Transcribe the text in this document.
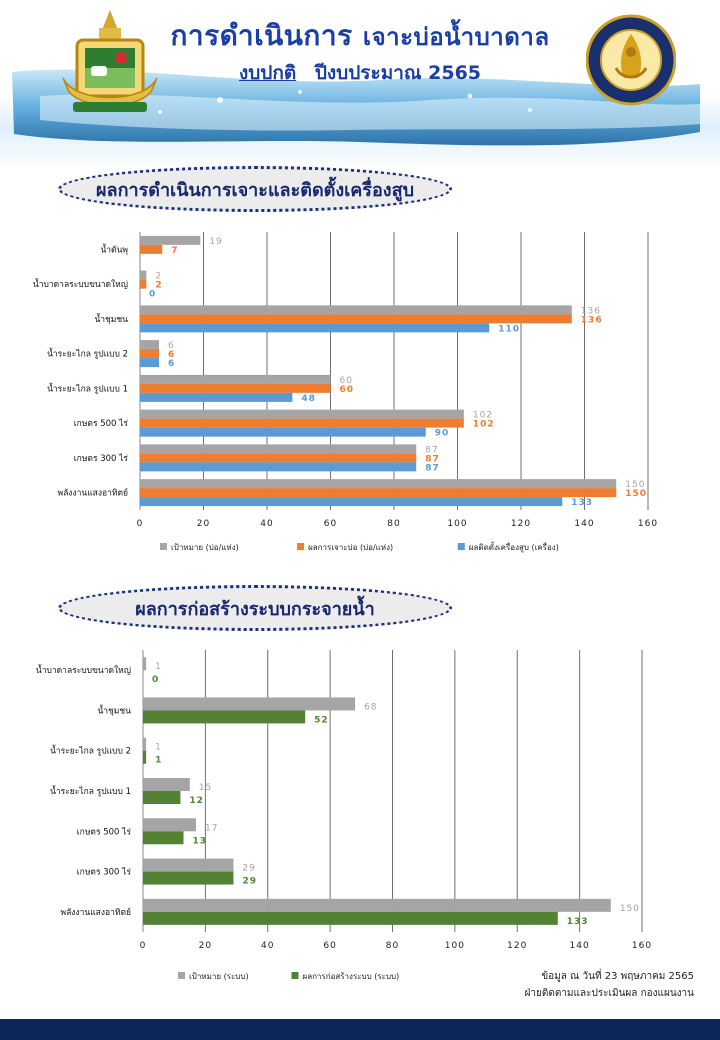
การดำเนินการ เจาะบ่อน้ำบาดาล
งบปกติ ปีงบประมาณ 2565
ผลการดำเนินการเจาะและติดตั้งเครื่องสูบ
0	20	40	60	80	100	120	140	160
น้ำดันพุ
19
7
น้ำบาดาลระบบขนาดใหญ่
2
2
0
น้ำชุมชน
136
136
110
น้ำระยะไกล รูปแบบ 2
6
6
6
น้ำระยะไกล รูปแบบ 1
60
60
48
เกษตร 500 ไร่
102
102
90
เกษตร 300 ไร่
87
87
87
พลังงานแสงอาทิตย์
150
150
133
เป้าหมาย (บ่อ/แห่ง)	ผลการเจาะบ่อ (บ่อ/แห่ง)	ผลติดตั้งเครื่องสูบ (เครื่อง)
ผลการก่อสร้างระบบกระจายน้ำ
0	20	40	60	80	100	120	140	160
น้ำบาดาลระบบขนาดใหญ่	1
0
น้ำชุมชน	68
52
น้ำระยะไกล รูปแบบ 2	1
1
น้ำระยะไกล รูปแบบ 1	15
12
เกษตร 500 ไร่	17
13
เกษตร 300 ไร่	29
29
พลังงานแสงอาทิตย์	150
133
เป้าหมาย (ระบบ)	ผลการก่อสร้างระบบ (ระบบ)	ข้อมูล ณ วันที่ 23 พฤษภาคม 2565
ฝ่ายติดตามและประเมินผล กองแผนงาน
